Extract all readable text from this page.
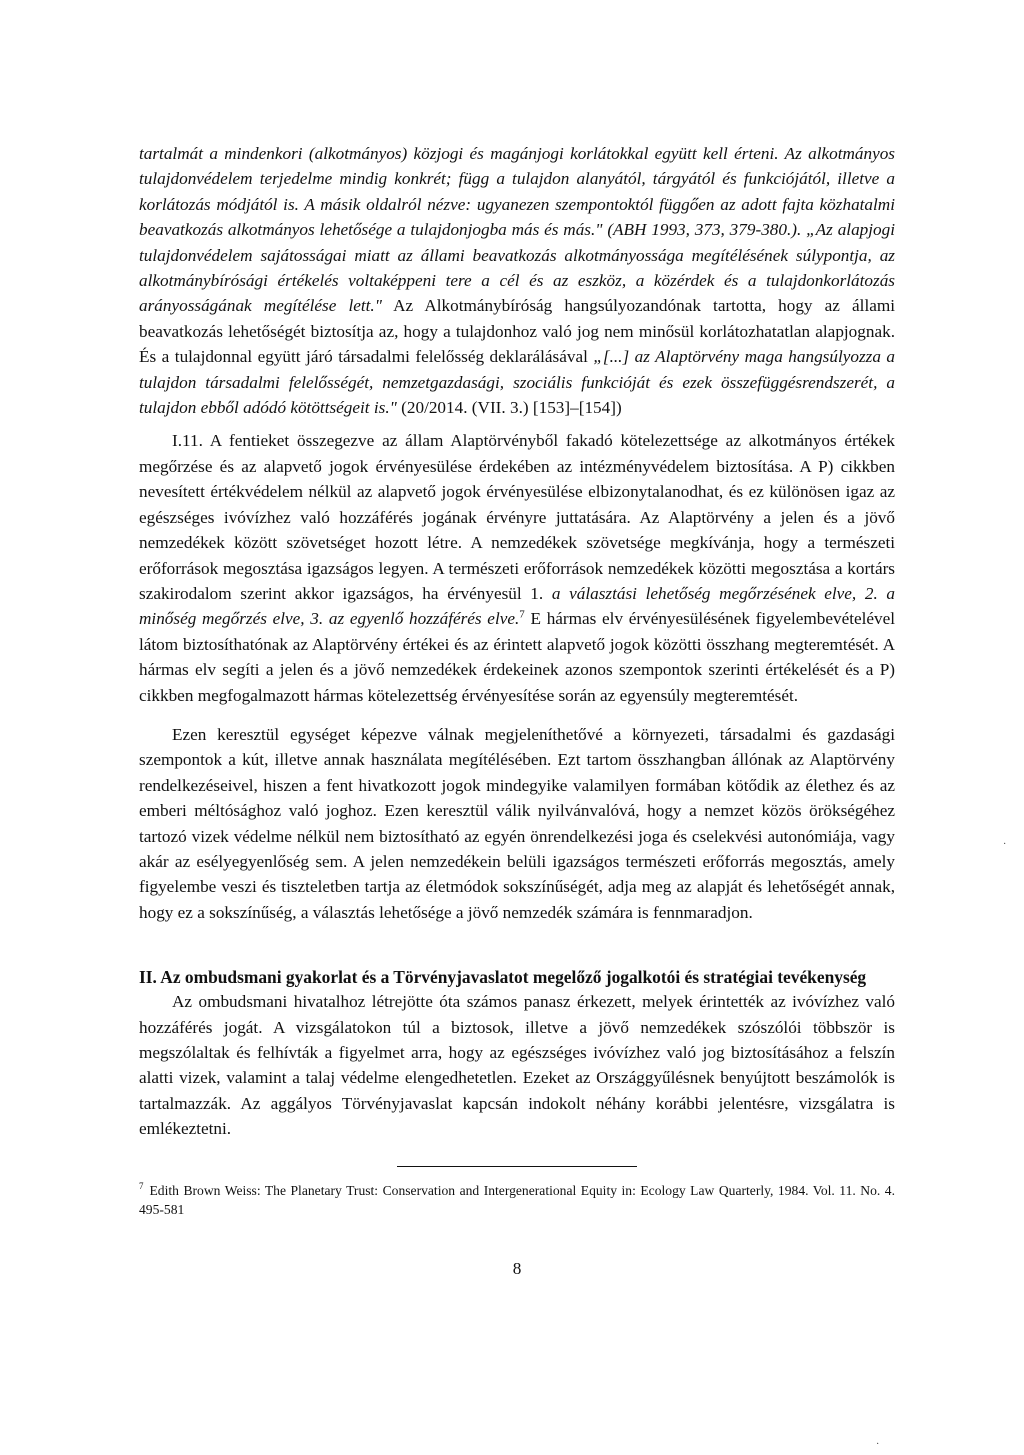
tartalmát a mindenkori (alkotmányos) közjogi és magánjogi korlátokkal együtt kell érteni. Az alkotmányos tulajdonvédelem terjedelme mindig konkrét; függ a tulajdon alanyától, tárgyától és funkciójától, illetve a korlátozás módjától is. A másik oldalról nézve: ugyanezen szempontoktól függően az adott fajta közhatalmi beavatkozás alkotmányos lehetősége a tulajdonjogba más és más." (ABH 1993, 373, 379-380.). „Az alapjogi tulajdonvédelem sajátosságai miatt az állami beavatkozás alkotmányossága megítélésének súlypontja, az alkotmánybírósági értékelés voltaképpeni tere a cél és az eszköz, a közérdek és a tulajdonkorlátozás arányosságának megítélése lett." Az Alkotmánybíróság hangsúlyozandónak tartotta, hogy az állami beavatkozás lehetőségét biztosítja az, hogy a tulajdonhoz való jog nem minősül korlátozhatatlan alapjognak. És a tulajdonnal együtt járó társadalmi felelősség deklarálásával „[...] az Alaptörvény maga hangsúlyozza a tulajdon társadalmi felelősségét, nemzetgazdasági, szociális funkcióját és ezek összefüggésrendszerét, a tulajdon ebből adódó kötöttségeit is." (20/2014. (VII. 3.) [153]–[154])

I.11. A fentieket összegezve az állam Alaptörvényből fakadó kötelezettsége az alkotmányos értékek megőrzése és az alapvető jogok érvényesülése érdekében az intézményvédelem biztosítása. A P) cikkben nevesített értékvédelem nélkül az alapvető jogok érvényesülése elbizonytalanodhat, és ez különösen igaz az egészséges ivóvízhez való hozzáférés jogának érvényre juttatására. Az Alaptörvény a jelen és a jövő nemzedékek között szövetséget hozott létre. A nemzedékek szövetsége megkívánja, hogy a természeti erőforrások megosztása igazságos legyen. A természeti erőforrások nemzedékek közötti megosztása a kortárs szakirodalom szerint akkor igazságos, ha érvényesül 1. a választási lehetőség megőrzésének elve, 2. a minőség megőrzés elve, 3. az egyenlő hozzáférés elve.$^7$ E hármas elv érvényesülésének figyelembevételével látom biztosíthatónak az Alaptörvény értékei és az érintett alapvető jogok közötti összhang megteremtését. A hármas elv segíti a jelen és a jövő nemzedékek érdekeinek azonos szempontok szerinti értékelését és a P) cikkben megfogalmazott hármas kötelezettség érvényesítése során az egyensúly megteremtését.

Ezen keresztül egységet képezve válnak megjeleníthetővé a környezeti, társadalmi és gazdasági szempontok a kút, illetve annak használata megítélésében. Ezt tartom összhangban állónak az Alaptörvény rendelkezéseivel, hiszen a fent hivatkozott jogok mindegyike valamilyen formában kötődik az élethez és az emberi méltósághoz való joghoz. Ezen keresztül válik nyilvánvalóvá, hogy a nemzet közös örökségéhez tartozó vizek védelme nélkül nem biztosítható az egyén önrendelkezési joga és cselekvési autonómiája, vagy akár az esélyegyenlőség sem. A jelen nemzedékein belüli igazságos természeti erőforrás megosztás, amely figyelembe veszi és tiszteletben tartja az életmódok sokszínűségét, adja meg az alapját és lehetőségét annak, hogy ez a sokszínűség, a választás lehetősége a jövő nemzedék számára is fennmaradjon.

II. Az ombudsmani gyakorlat és a Törvényjavaslatot megelőző jogalkotói és stratégiai tevékenység

Az ombudsmani hivatalhoz létrejötte óta számos panasz érkezett, melyek érintették az ivóvízhez való hozzáférés jogát. A vizsgálatokon túl a biztosok, illetve a jövő nemzedékek szószólói többször is megszólaltak és felhívták a figyelmet arra, hogy az egészséges ivóvízhez való jog biztosításához a felszín alatti vizek, valamint a talaj védelme elengedhetetlen. Ezeket az Országgyűlésnek benyújtott beszámolók is tartalmazzák. Az aggályos Törvényjavaslat kapcsán indokolt néhány korábbi jelentésre, vizsgálatra is emlékeztetni.

$^7$ Edith Brown Weiss: The Planetary Trust: Conservation and Intergenerational Equity in: Ecology Law Quarterly, 1984. Vol. 11. No. 4. 495-581
8
·
·
